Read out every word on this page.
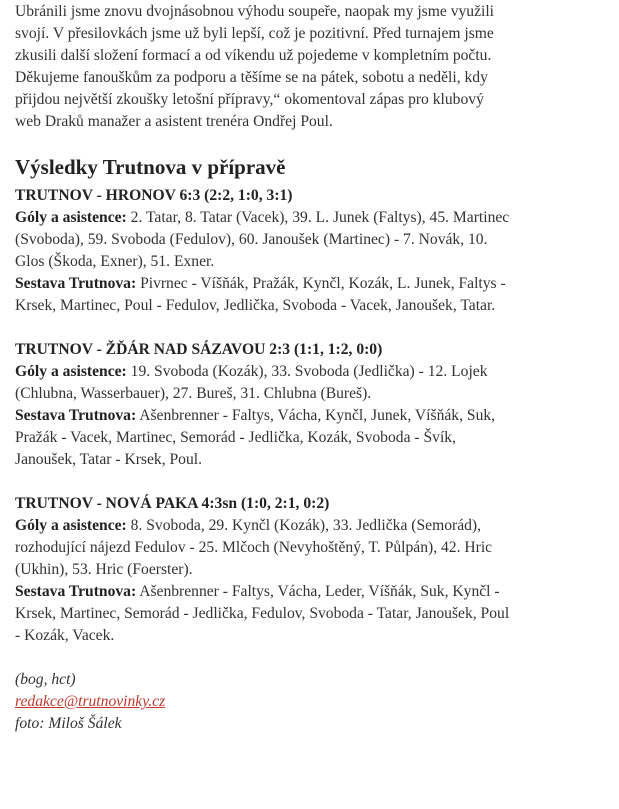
Ubránili jsme znovu dvojnásobnou výhodu soupeře, naopak my jsme využili svojí. V přesilovkách jsme už byli lepší, což je pozitivní. Před turnajem jsme zkusili další složení formací a od víkendu už pojedeme v kompletním počtu. Děkujeme fanouškům za podporu a těšíme se na pátek, sobotu a neděli, kdy přijdou největší zkoušky letošní přípravy,“ okomentoval zápas pro klubový web Draků manažer a asistent trenéra Ondřej Poul.

Výsledky Trutnova v přípravě

TRUTNOV - HRONOV 6:3 (2:2, 1:0, 3:1)
Góly a asistence: 2. Tatar, 8. Tatar (Vacek), 39. L. Junek (Faltys), 45. Martinec (Svoboda), 59. Svoboda (Fedulov), 60. Janoušek (Martinec) - 7. Novák, 10. Glos (Škoda, Exner), 51. Exner.
Sestava Trutnova: Pivrnec - Víšňák, Pražák, Kynčl, Kozák, L. Junek, Faltys - Krsek, Martinec, Poul - Fedulov, Jedlička, Svoboda - Vacek, Janoušek, Tatar.

TRUTNOV - ŽĎÁR NAD SÁZAVOU 2:3 (1:1, 1:2, 0:0)
Góly a asistence: 19. Svoboda (Kozák), 33. Svoboda (Jedlička) - 12. Lojek (Chlubna, Wasserbauer), 27. Bureš, 31. Chlubna (Bureš).
Sestava Trutnova: Ašenbrenner - Faltys, Vácha, Kynčl, Junek, Víšňák, Suk, Pražák - Vacek, Martinec, Semorád - Jedlička, Kozák, Svoboda - Švík, Janoušek, Tatar - Krsek, Poul.

TRUTNOV - NOVÁ PAKA 4:3sn (1:0, 2:1, 0:2)
Góly a asistence: 8. Svoboda, 29. Kynčl (Kozák), 33. Jedlička (Semorád), rozhodující nájezd Fedulov - 25. Mlčoch (Nevyhoštěný, T. Půlpán), 42. Hric (Ukhin), 53. Hric (Foerster).
Sestava Trutnova: Ašenbrenner - Faltys, Vácha, Leder, Víšňák, Suk, Kynčl - Krsek, Martinec, Semorád - Jedlička, Fedulov, Svoboda - Tatar, Janoušek, Poul - Kozák, Vacek.

(bog, hct)

redakce@trutnovinky.cz

foto: Miloš Šálek
